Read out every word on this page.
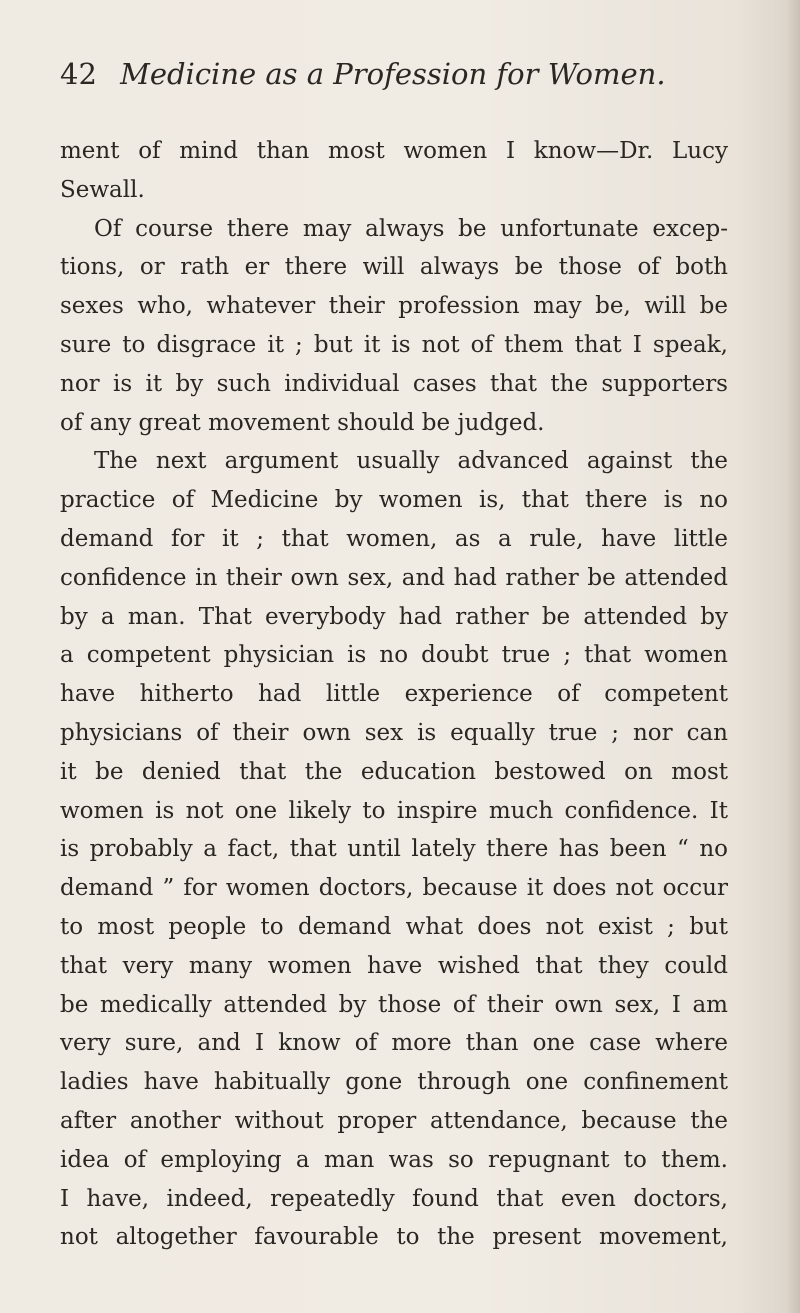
42 Medicine as a Profession for Women.
ment of mind than most women I know—Dr. Lucy
Sewall.
Of course there may always be unfortunate excep-
tions, or rath er there will always be those of both
sexes who, whatever their profession may be, will be
sure to disgrace it ; but it is not of them that I speak,
nor is it by such individual cases that the supporters
of any great movement should be judged.
The next argument usually advanced against the
practice of Medicine by women is, that there is no
demand for it ; that women, as a rule, have little
confidence in their own sex, and had rather be attended
by a man. That everybody had rather be attended by
a competent physician is no doubt true ; that women
have hitherto had little experience of competent
physicians of their own sex is equally true ; nor can
it be denied that the education bestowed on most
women is not one likely to inspire much confidence. It
is probably a fact, that until lately there has been “ no
demand ” for women doctors, because it does not occur
to most people to demand what does not exist ; but
that very many women have wished that they could
be medically attended by those of their own sex, I am
very sure, and I know of more than one case where
ladies have habitually gone through one confinement
after another without proper attendance, because the
idea of employing a man was so repugnant to them.
I have, indeed, repeatedly found that even doctors,
not altogether favourable to the present movement,
